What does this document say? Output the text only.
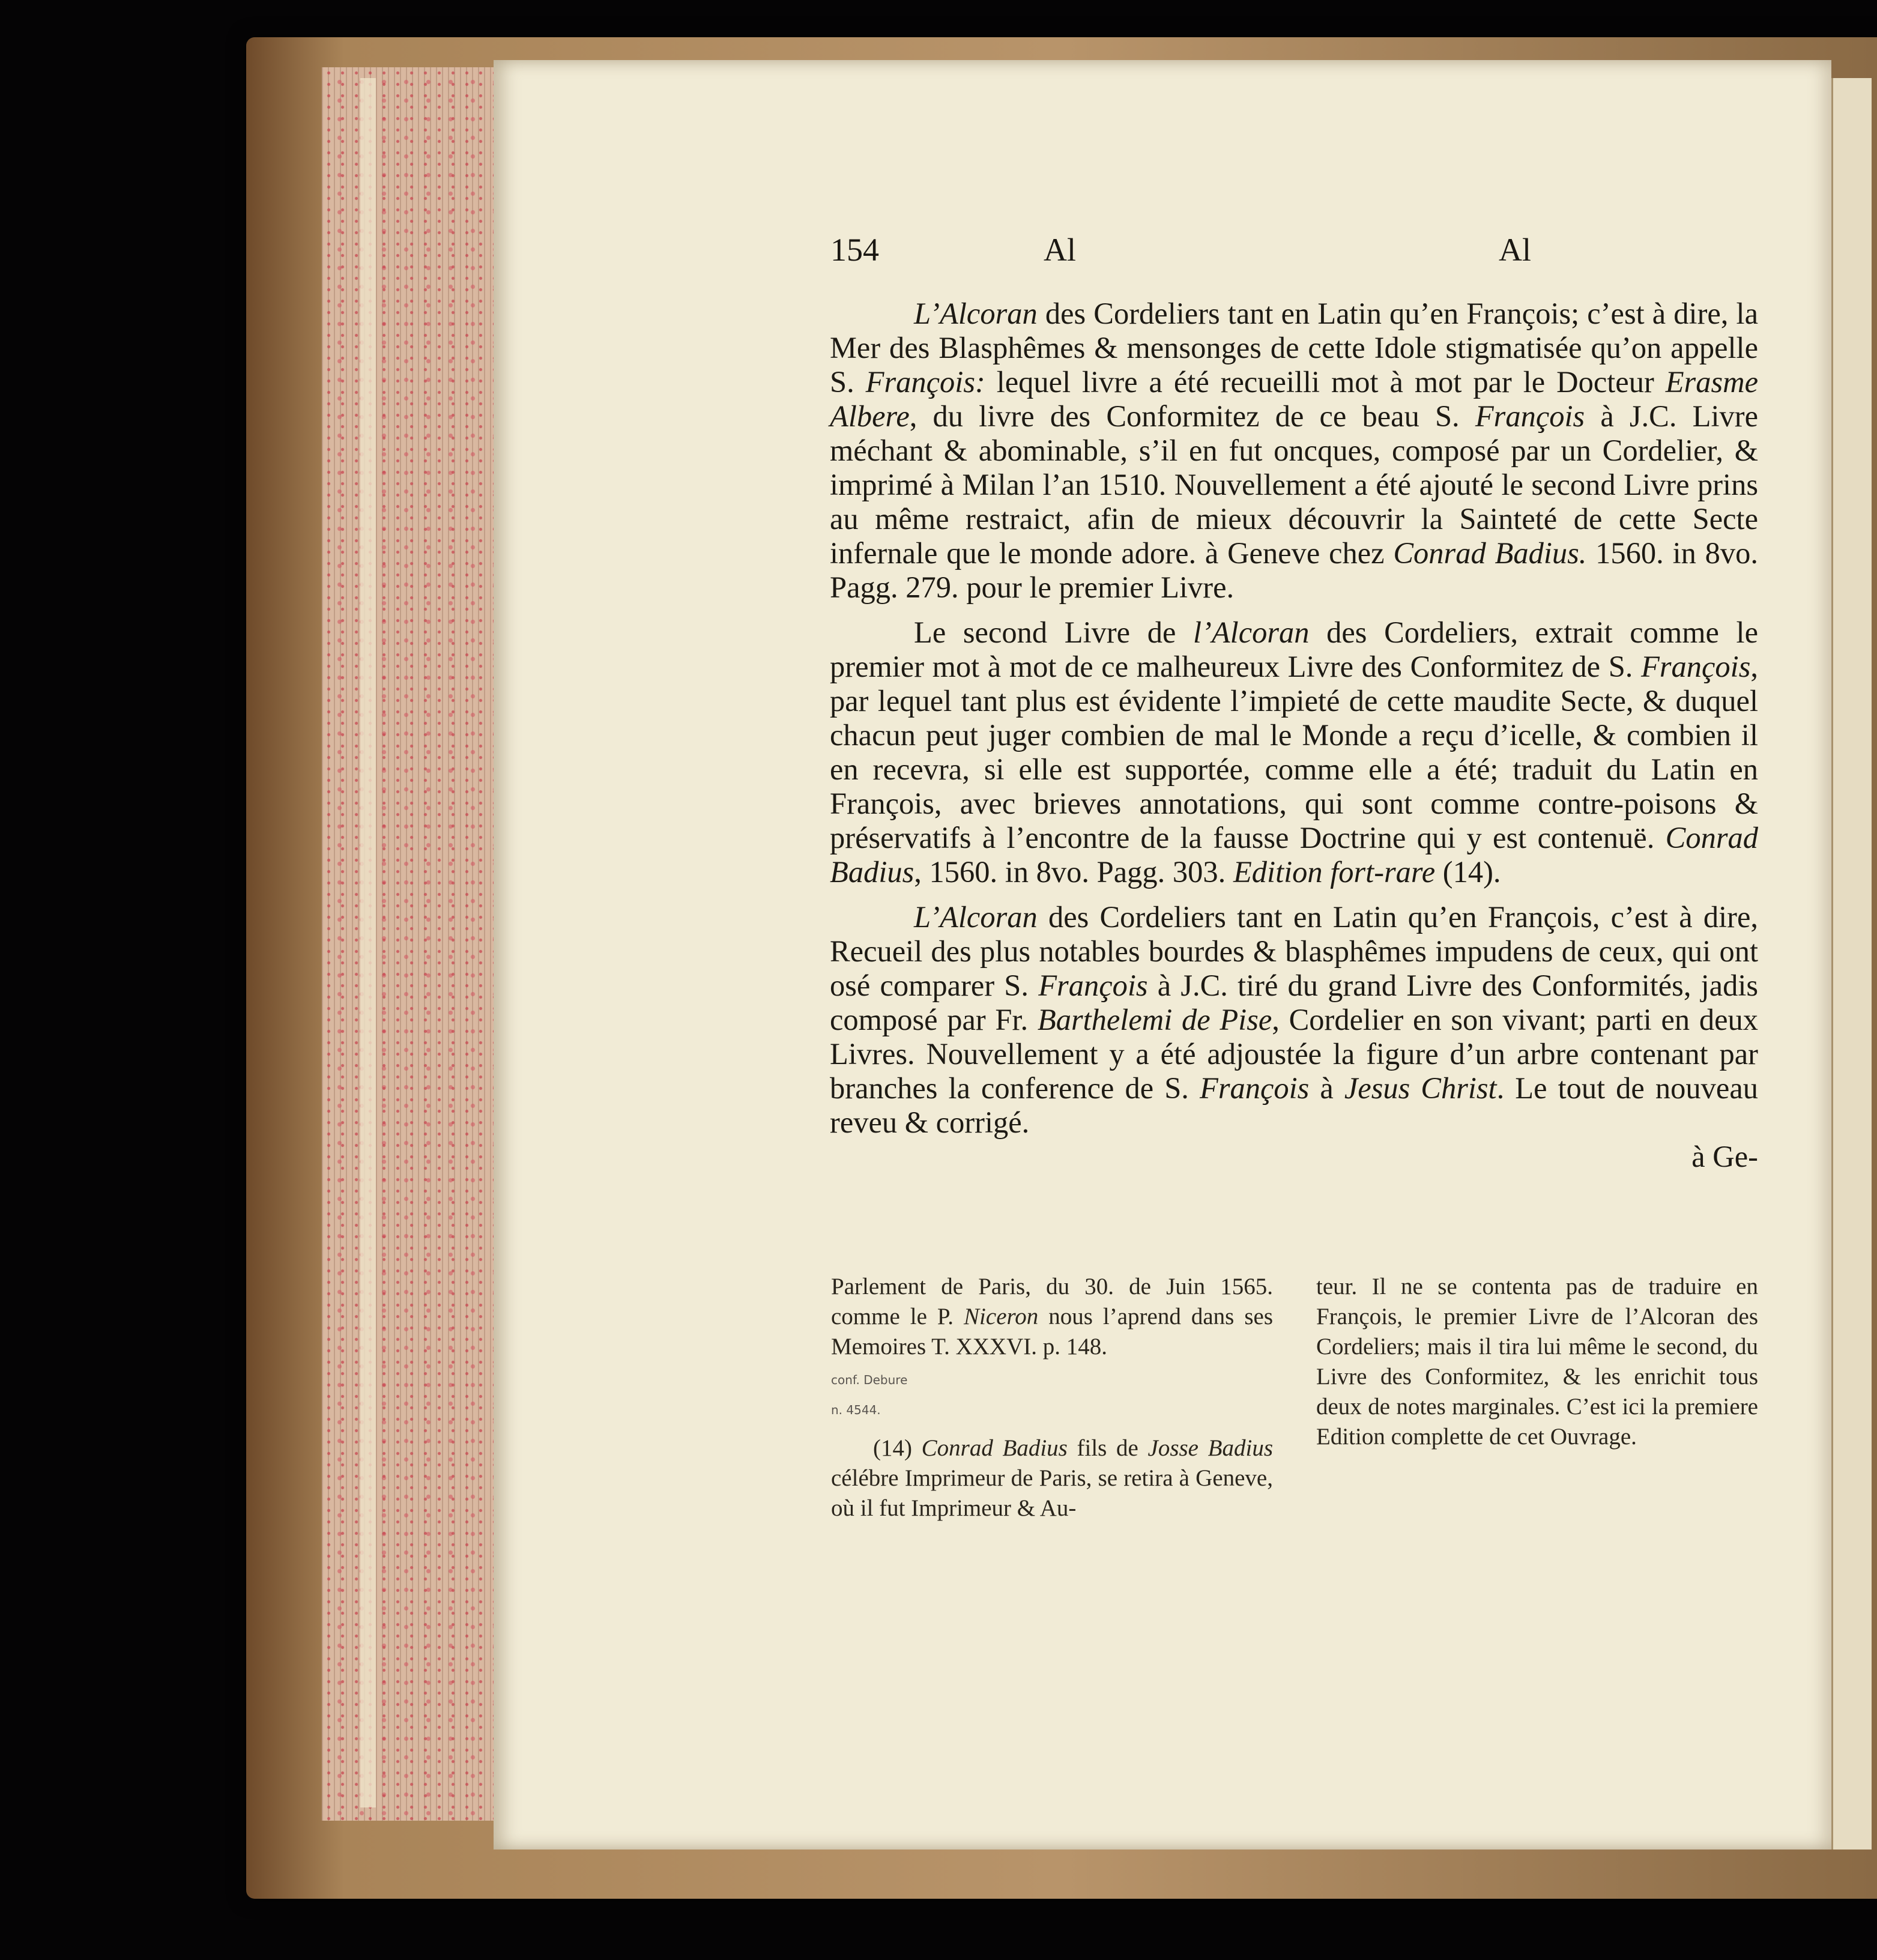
154	Al	Al

L’Alcoran des Cordeliers tant en Latin qu’en François; c’est à dire, la Mer des Blasphêmes & mensonges de cette Idole stigmatisée qu’on appelle S. François: lequel livre a été recueilli mot à mot par le Docteur Erasme Albere, du livre des Conformitez de ce beau S. François à J.C. Livre méchant & abominable, s’il en fut oncques, composé par un Cordelier, & imprimé à Milan l’an 1510. Nouvellement a été ajouté le second Livre prins au même restraict, afin de mieux découvrir la Sainteté de cette Secte infernale que le monde adore. à Geneve chez Conrad Badius. 1560. in 8vo. Pagg. 279. pour le premier Livre.

Le second Livre de l’Alcoran des Cordeliers, extrait comme le premier mot à mot de ce malheureux Livre des Conformitez de S. François, par lequel tant plus est évidente l’impieté de cette maudite Secte, & duquel chacun peut juger combien de mal le Monde a reçu d’icelle, & combien il en recevra, si elle est supportée, comme elle a été; traduit du Latin en François, avec brieves annotations, qui sont comme contre-poisons & préservatifs à l’encontre de la fausse Doctrine qui y est contenuë. Conrad Badius, 1560. in 8vo. Pagg. 303. Edition fort-rare (14).

L’Alcoran des Cordeliers tant en Latin qu’en François, c’est à dire, Recueil des plus notables bourdes & blasphêmes impudens de ceux, qui ont osé comparer S. François à J.C. tiré du grand Livre des Conformités, jadis composé par Fr. Barthelemi de Pise, Cordelier en son vivant; parti en deux Livres. Nouvellement y a été adjoustée la figure d’un arbre contenant par branches la conference de S. François à Jesus Christ. Le tout de nouveau reveu & corrigé.
à Ge-

Parlement de Paris, du 30. de Juin 1565. comme le P. Niceron nous l’aprend dans ses Memoires T. XXXVI. p. 148.
conf. Debure
n. 4544.

(14) Conrad Badius fils de Josse Badius célébre Imprimeur de Paris, se retira à Geneve, où il fut Imprimeur & Au-

teur. Il ne se contenta pas de traduire en François, le premier Livre de l’Alcoran des Cordeliers; mais il tira lui même le second, du Livre des Conformitez, & les enrichit tous deux de notes marginales. C’est ici la premiere Edition complette de cet Ouvrage.
